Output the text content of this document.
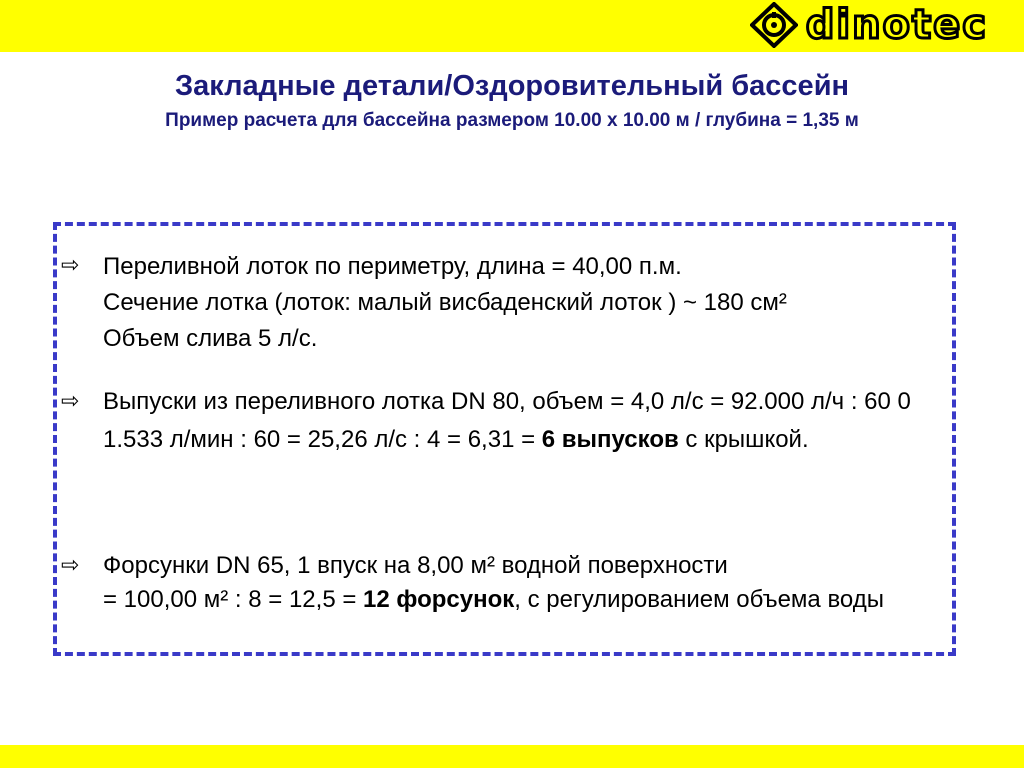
dinotec
Закладные детали/Оздоровительный бассейн
Пример расчета для бассейна размером 10.00 х 10.00 м / глубина = 1,35 м
⇨ Переливной лоток по периметру, длина = 40,00 п.м.
Сечение лотка (лоток: малый висбаденский лоток ) ~ 180 см²
Объем слива 5 л/с.
⇨ Выпуски из переливного лотка DN 80, объем = 4,0 л/с = 92.000 л/ч : 60 0
1.533 л/мин : 60 = 25,26 л/с : 4 = 6,31 = 6 выпусков с крышкой.
⇨ Форсунки DN 65, 1 впуск на 8,00 м² водной поверхности
= 100,00 м² : 8 = 12,5 = 12 форсунок, с регулированием объема воды
